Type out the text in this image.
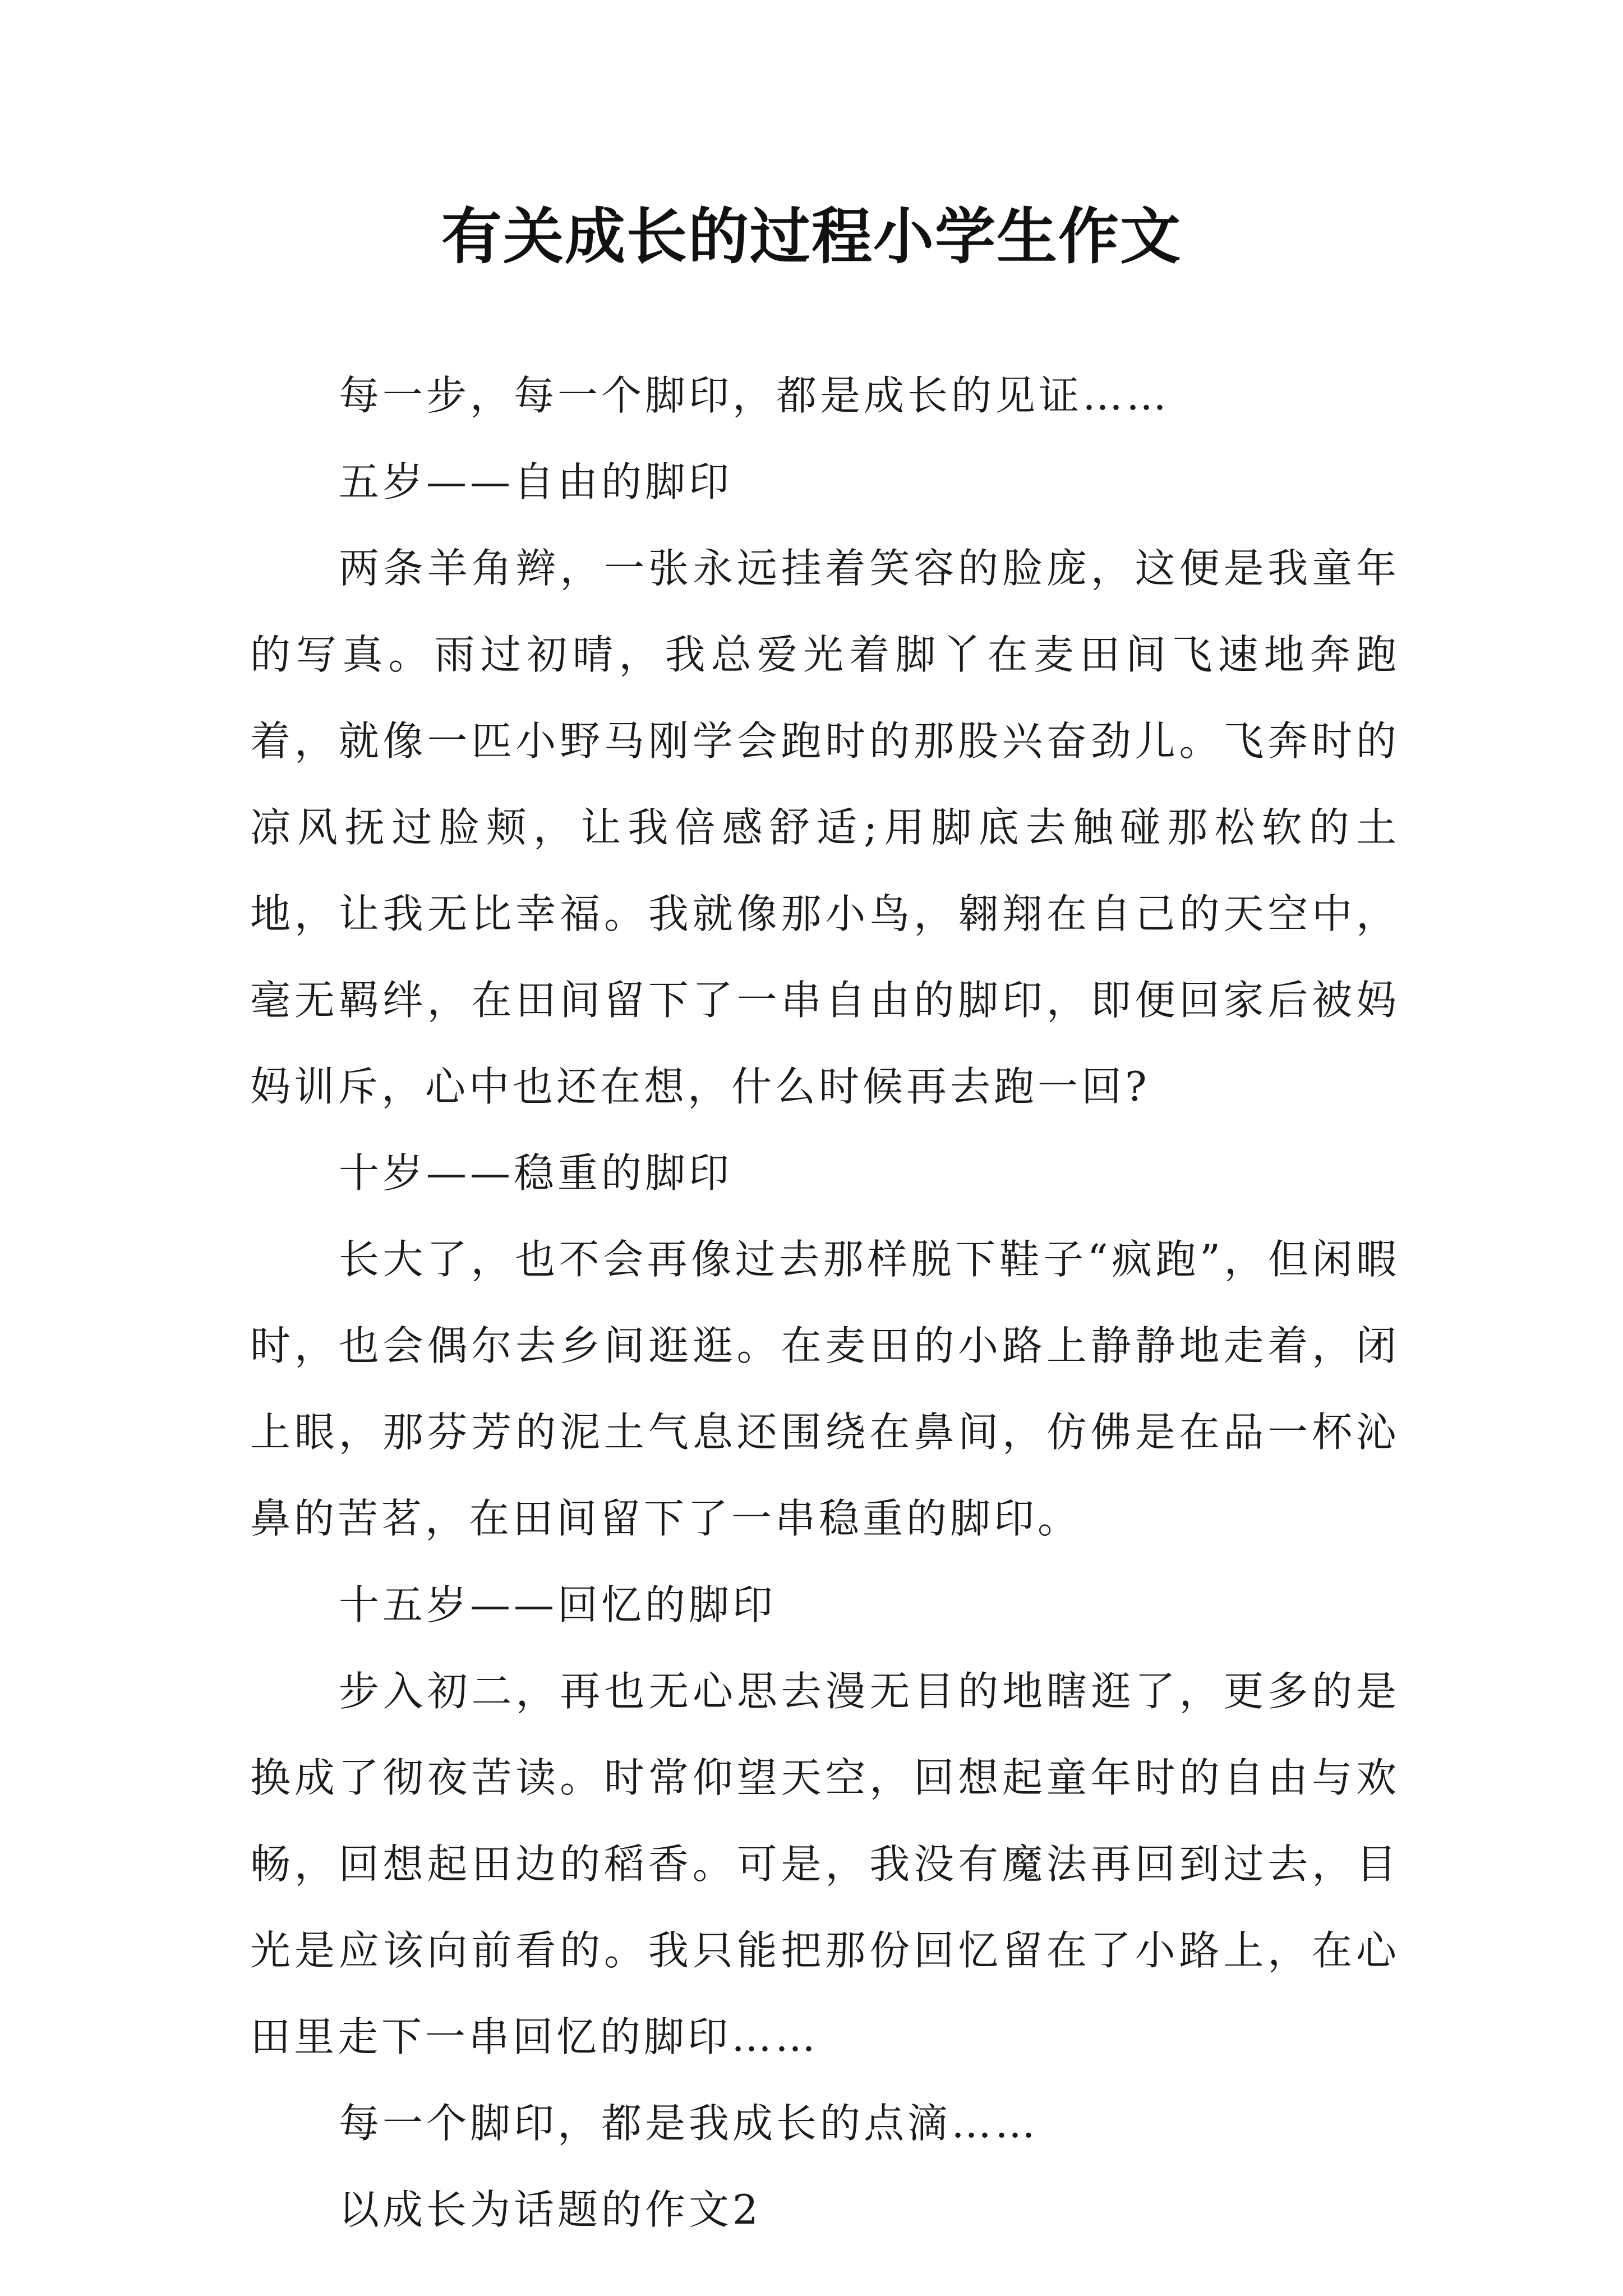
有关成长的过程小学生作文

每一步，每一个脚印，都是成长的见证……

五岁——自由的脚印

两条羊角辫，一张永远挂着笑容的脸庞，这便是我童年的写真。雨过初晴，我总爱光着脚丫在麦田间飞速地奔跑着，就像一匹小野马刚学会跑时的那股兴奋劲儿。飞奔时的凉风抚过脸颊，让我倍感舒适;用脚底去触碰那松软的土地，让我无比幸福。我就像那小鸟，翱翔在自己的天空中，毫无羁绊，在田间留下了一串自由的脚印，即便回家后被妈妈训斥，心中也还在想，什么时候再去跑一回?

十岁——稳重的脚印

长大了，也不会再像过去那样脱下鞋子“疯跑”，但闲暇时，也会偶尔去乡间逛逛。在麦田的小路上静静地走着，闭上眼，那芬芳的泥土气息还围绕在鼻间，仿佛是在品一杯沁鼻的苦茗，在田间留下了一串稳重的脚印。

十五岁——回忆的脚印

步入初二，再也无心思去漫无目的地瞎逛了，更多的是换成了彻夜苦读。时常仰望天空，回想起童年时的自由与欢畅，回想起田边的稻香。可是，我没有魔法再回到过去，目光是应该向前看的。我只能把那份回忆留在了小路上，在心田里走下一串回忆的脚印……

每一个脚印，都是我成长的点滴……

以成长为话题的作文2
